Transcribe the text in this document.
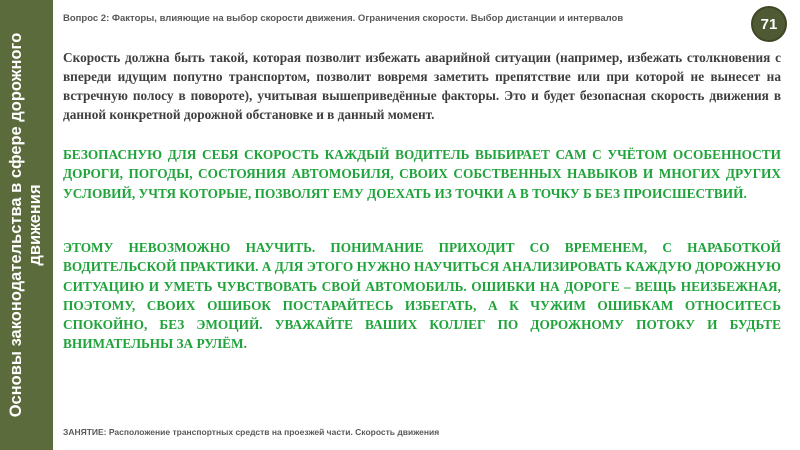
Основы законодательства в сфере дорожного движения
Вопрос 2: Факторы, влияющие на выбор скорости движения. Ограничения скорости. Выбор дистанции и интервалов	71

Скорость должна быть такой, которая позволит избежать аварийной ситуации (например, избежать столкновения с впереди идущим попутно транспортом, позволит вовремя заметить препятствие или при которой не вынесет на встречную полосу в повороте), учитывая вышеприведённые факторы. Это и будет безопасная скорость движения в данной конкретной дорожной обстановке и в данный момент.

БЕЗОПАСНУЮ ДЛЯ СЕБЯ СКОРОСТЬ КАЖДЫЙ ВОДИТЕЛЬ ВЫБИРАЕТ САМ С УЧЁТОМ ОСОБЕННОСТИ ДОРОГИ, ПОГОДЫ, СОСТОЯНИЯ АВТОМОБИЛЯ, СВОИХ СОБСТВЕННЫХ НАВЫКОВ И МНОГИХ ДРУГИХ УСЛОВИЙ, УЧТЯ КОТОРЫЕ, ПОЗВОЛЯТ ЕМУ ДОЕХАТЬ ИЗ ТОЧКИ А В ТОЧКУ Б БЕЗ ПРОИСШЕСТВИЙ.

ЭТОМУ НЕВОЗМОЖНО НАУЧИТЬ. ПОНИМАНИЕ ПРИХОДИТ СО ВРЕМЕНЕМ, С НАРАБОТКОЙ ВОДИТЕЛЬСКОЙ ПРАКТИКИ. А ДЛЯ ЭТОГО НУЖНО НАУЧИТЬСЯ АНАЛИЗИРОВАТЬ КАЖДУЮ ДОРОЖНУЮ СИТУАЦИЮ И УМЕТЬ ЧУВСТВОВАТЬ СВОЙ АВТОМОБИЛЬ. ОШИБКИ НА ДОРОГЕ – ВЕЩЬ НЕИЗБЕЖНАЯ, ПОЭТОМУ, СВОИХ ОШИБОК ПОСТАРАЙТЕСЬ ИЗБЕГАТЬ, А К ЧУЖИМ ОШИБКАМ ОТНОСИТЕСЬ СПОКОЙНО, БЕЗ ЭМОЦИЙ. УВАЖАЙТЕ ВАШИХ КОЛЛЕГ ПО ДОРОЖНОМУ ПОТОКУ И БУДЬТЕ ВНИМАТЕЛЬНЫ ЗА РУЛЁМ.

ЗАНЯТИЕ: Расположение транспортных средств на проезжей части. Скорость движения
